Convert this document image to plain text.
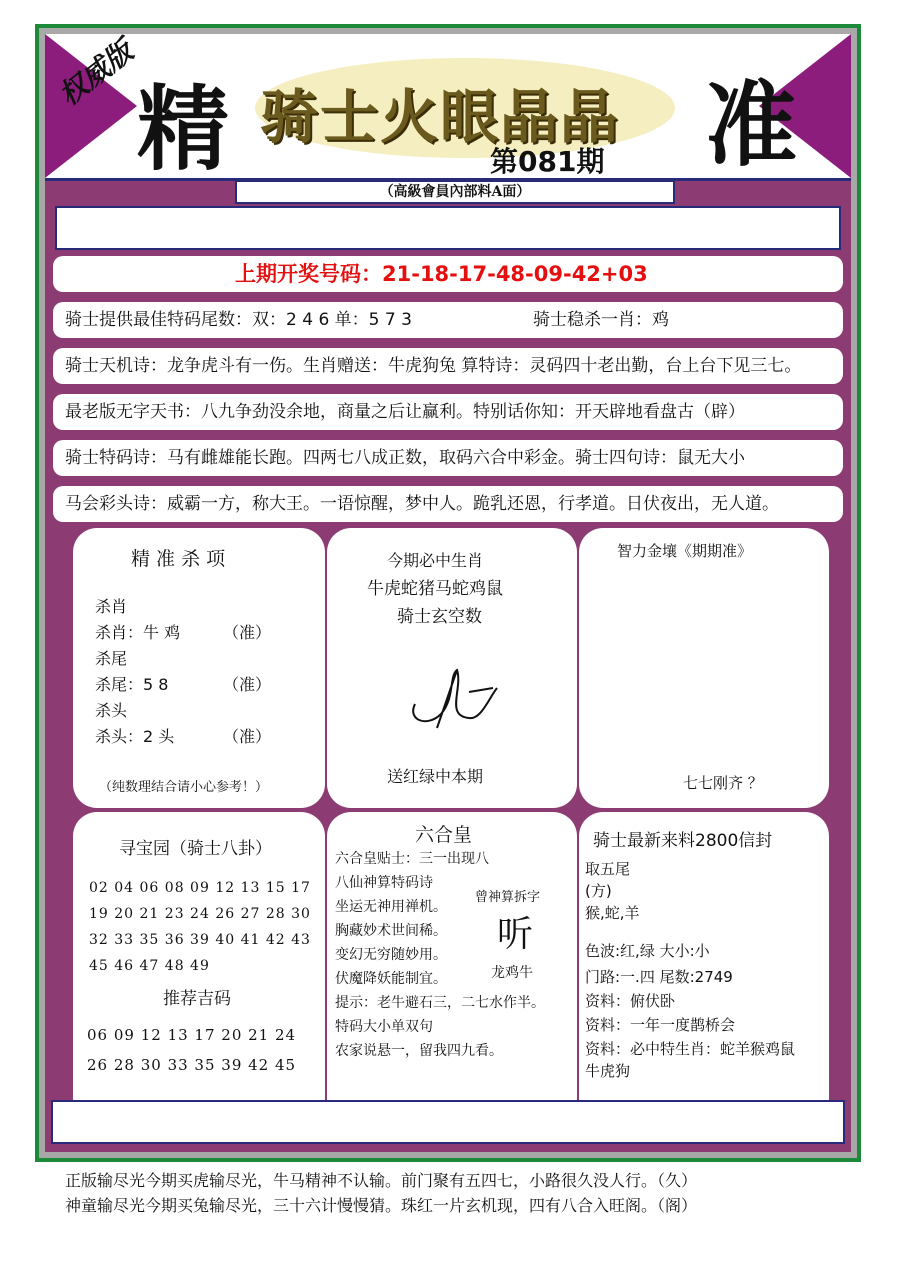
权威版
精 骑士火眼晶晶 准
第081期
（高級會員內部料A面）
上期开奖号码：21-18-17-48-09-42+03
骑士提供最佳特码尾数：双：2 4 6 单：5 7 3	骑士稳杀一肖：鸡
骑士天机诗：龙争虎斗有一伤。生肖赠送：牛虎狗兔 算特诗：灵码四十老出勤，台上台下见三七。
最老版无字天书：八九争劲没余地，商量之后让赢利。特别话你知：开天辟地看盘古（辟）
骑士特码诗：马有雌雄能长跑。四两七八成正数，取码六合中彩金。骑士四句诗：鼠无大小
马会彩头诗：威霸一方，称大王。一语惊醒，梦中人。跪乳还恩，行孝道。日伏夜出，无人道。
精 准 杀 项
杀肖
杀肖：牛 鸡	（准）
杀尾
杀尾：5 8	（准）
杀头
杀头：2 头	（准）
（纯数理结合请小心参考！）
今期必中生肖
牛虎蛇猪马蛇鸡鼠
骑士玄空数
送红绿中本期
智力金壤《期期准》
七七刚齐 ？
寻宝园（骑士八卦）
02 04 06 08 09 12 13 15 17
19 20 21 23 24 26 27 28 30
32 33 35 36 39 40 41 42 43
45 46 47 48 49
推荐吉码
06 09 12 13 17 20 21 24
26 28 30 33 35 39 42 45
六合皇
六合皇贴士：三一出现八
八仙神算特码诗
坐运无神用禅机。
胸藏妙术世间稀。
变幻无穷随妙用。
伏魔降妖能制宜。
提示：老牛避石三，二七水作半。
特码大小单双句
农家说悬一，留我四九看。
曾神算拆字
听
龙鸡牛
骑士最新来料2800信封
取五尾
(方)
猴,蛇,羊
色波:红,绿 大小:小
门路:一.四 尾数:2749
资料：俯伏卧
资料：一年一度鹊桥会
资料：必中特生肖：蛇羊猴鸡鼠
牛虎狗
正版输尽光今期买虎输尽光，牛马精神不认输。前门聚有五四七，小路很久没人行。（久）
神童输尽光今期买兔输尽光，三十六计慢慢猜。珠红一片玄机现，四有八合入旺阁。（阁）
